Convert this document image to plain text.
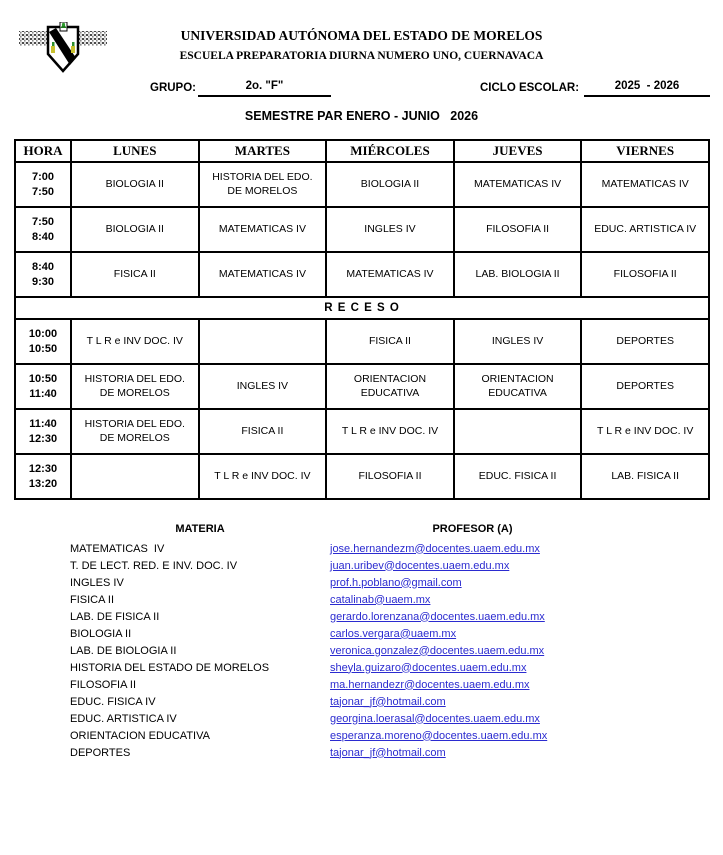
UNIVERSIDAD AUTÓNOMA DEL ESTADO DE MORELOS
ESCUELA PREPARATORIA DIURNA NUMERO UNO, CUERNAVACA
GRUPO:	2o. "F"	CICLO ESCOLAR:	2025  - 2026
SEMESTRE PAR ENERO - JUNIO   2026
HORA	LUNES	MARTES	MIÉRCOLES	JUEVES	VIERNES

7:00
7:50	BIOLOGIA II	HISTORIA DEL EDO. DE MORELOS	BIOLOGIA II	MATEMATICAS IV	MATEMATICAS IV

7:50
8:40	BIOLOGIA II	MATEMATICAS IV	INGLES IV	FILOSOFIA II	EDUC. ARTISTICA IV

8:40
9:30	FISICA II	MATEMATICAS IV	MATEMATICAS IV	LAB. BIOLOGIA II	FILOSOFIA II
R E C E S O					

10:00
10:50	T L R e INV DOC. IV		FISICA II	INGLES IV	DEPORTES

10:50
11:40	HISTORIA DEL EDO. DE MORELOS	INGLES IV	ORIENTACION EDUCATIVA	ORIENTACION EDUCATIVA	DEPORTES

11:40
12:30	HISTORIA DEL EDO. DE MORELOS	FISICA II	T L R e INV DOC. IV		T L R e INV DOC. IV

12:30
13:20		T L R e INV DOC. IV	FILOSOFIA II	EDUC. FISICA II	LAB. FISICA II
MATERIA	PROFESOR (A)
MATEMATICAS  IV	jose.hernandezm@docentes.uaem.edu.mx
T. DE LECT. RED. E INV. DOC. IV	juan.uribev@docentes.uaem.edu.mx
INGLES IV	prof.h.poblano@gmail.com
FISICA II	catalinab@uaem.mx
LAB. DE FISICA II	gerardo.lorenzana@docentes.uaem.edu.mx
BIOLOGIA II	carlos.vergara@uaem.mx
LAB. DE BIOLOGIA II	veronica.gonzalez@docentes.uaem.edu.mx
HISTORIA DEL ESTADO DE MORELOS	sheyla.guizaro@docentes.uaem.edu.mx
FILOSOFIA II	ma.hernandezr@docentes.uaem.edu.mx
EDUC. FISICA IV	tajonar_jf@hotmail.com
EDUC. ARTISTICA IV	georgina.loerasal@docentes.uaem.edu.mx
ORIENTACION EDUCATIVA	esperanza.moreno@docentes.uaem.edu.mx
DEPORTES	tajonar_jf@hotmail.com
